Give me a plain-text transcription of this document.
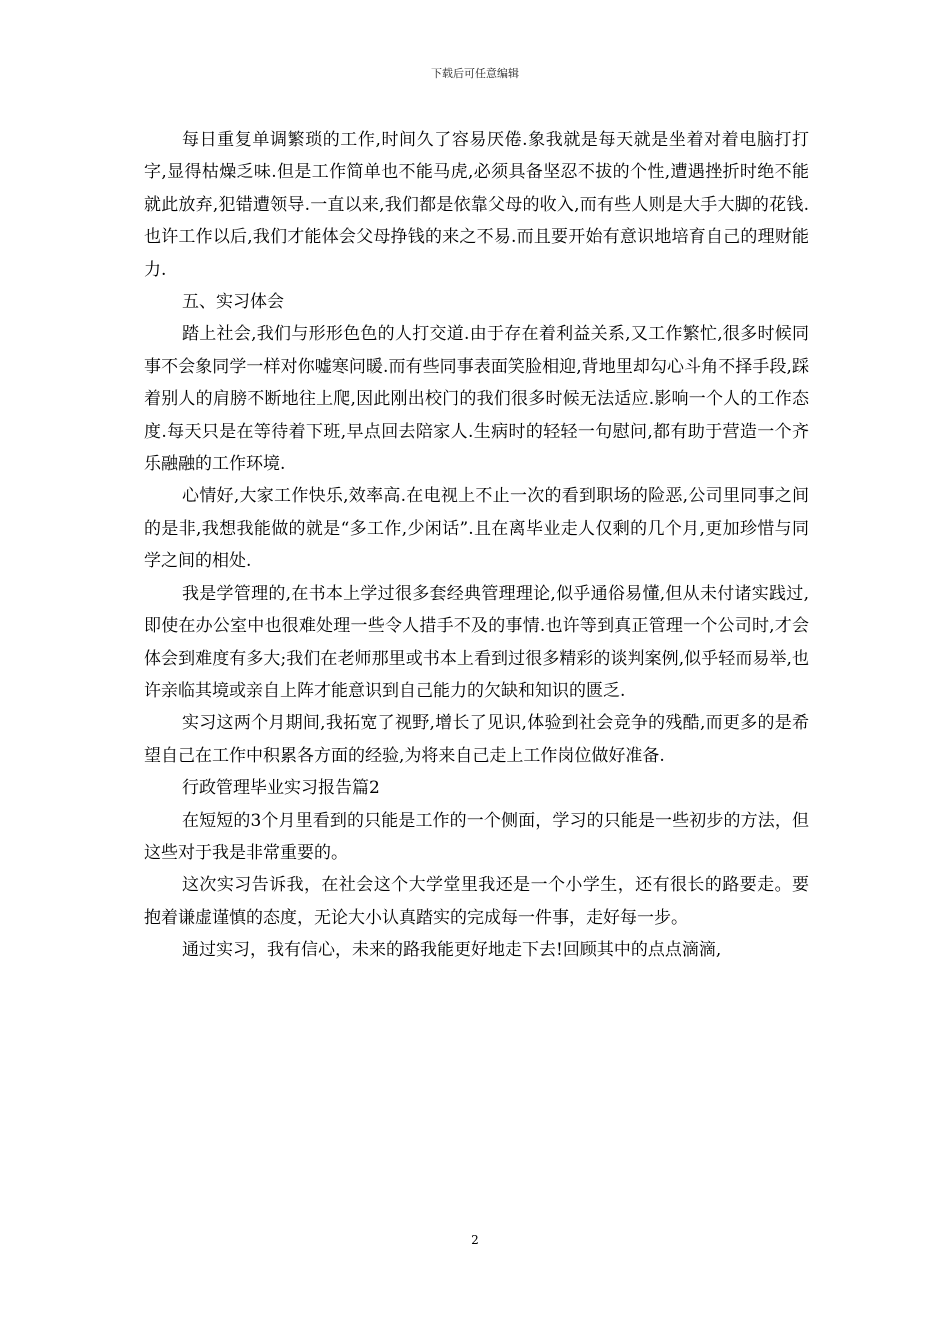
下载后可任意编辑

每日重复单调繁琐的工作,时间久了容易厌倦.象我就是每天就是坐着对着电脑打打字,显得枯燥乏味.但是工作简单也不能马虎,必须具备坚忍不拔的个性,遭遇挫折时绝不能就此放弃,犯错遭领导.一直以来,我们都是依靠父母的收入,而有些人则是大手大脚的花钱.也许工作以后,我们才能体会父母挣钱的来之不易.而且要开始有意识地培育自己的理财能力.

五、实习体会

踏上社会,我们与形形色色的人打交道.由于存在着利益关系,又工作繁忙,很多时候同事不会象同学一样对你嘘寒问暖.而有些同事表面笑脸相迎,背地里却勾心斗角不择手段,踩着别人的肩膀不断地往上爬,因此刚出校门的我们很多时候无法适应.影响一个人的工作态度.每天只是在等待着下班,早点回去陪家人.生病时的轻轻一句慰问,都有助于营造一个齐乐融融的工作环境.

心情好,大家工作快乐,效率高.在电视上不止一次的看到职场的险恶,公司里同事之间的是非,我想我能做的就是“多工作,少闲话”.且在离毕业走人仅剩的几个月,更加珍惜与同学之间的相处.

我是学管理的,在书本上学过很多套经典管理理论,似乎通俗易懂,但从未付诸实践过,即使在办公室中也很难处理一些令人措手不及的事情.也许等到真正管理一个公司时,才会体会到难度有多大;我们在老师那里或书本上看到过很多精彩的谈判案例,似乎轻而易举,也许亲临其境或亲自上阵才能意识到自己能力的欠缺和知识的匮乏.

实习这两个月期间,我拓宽了视野,增长了见识,体验到社会竞争的残酷,而更多的是希望自己在工作中积累各方面的经验,为将来自己走上工作岗位做好准备.

行政管理毕业实习报告篇2

在短短的3个月里看到的只能是工作的一个侧面，学习的只能是一些初步的方法，但这些对于我是非常重要的。

这次实习告诉我，在社会这个大学堂里我还是一个小学生，还有很长的路要走。要抱着谦虚谨慎的态度，无论大小认真踏实的完成每一件事，走好每一步。

通过实习，我有信心，未来的路我能更好地走下去!回顾其中的点点滴滴,

2
